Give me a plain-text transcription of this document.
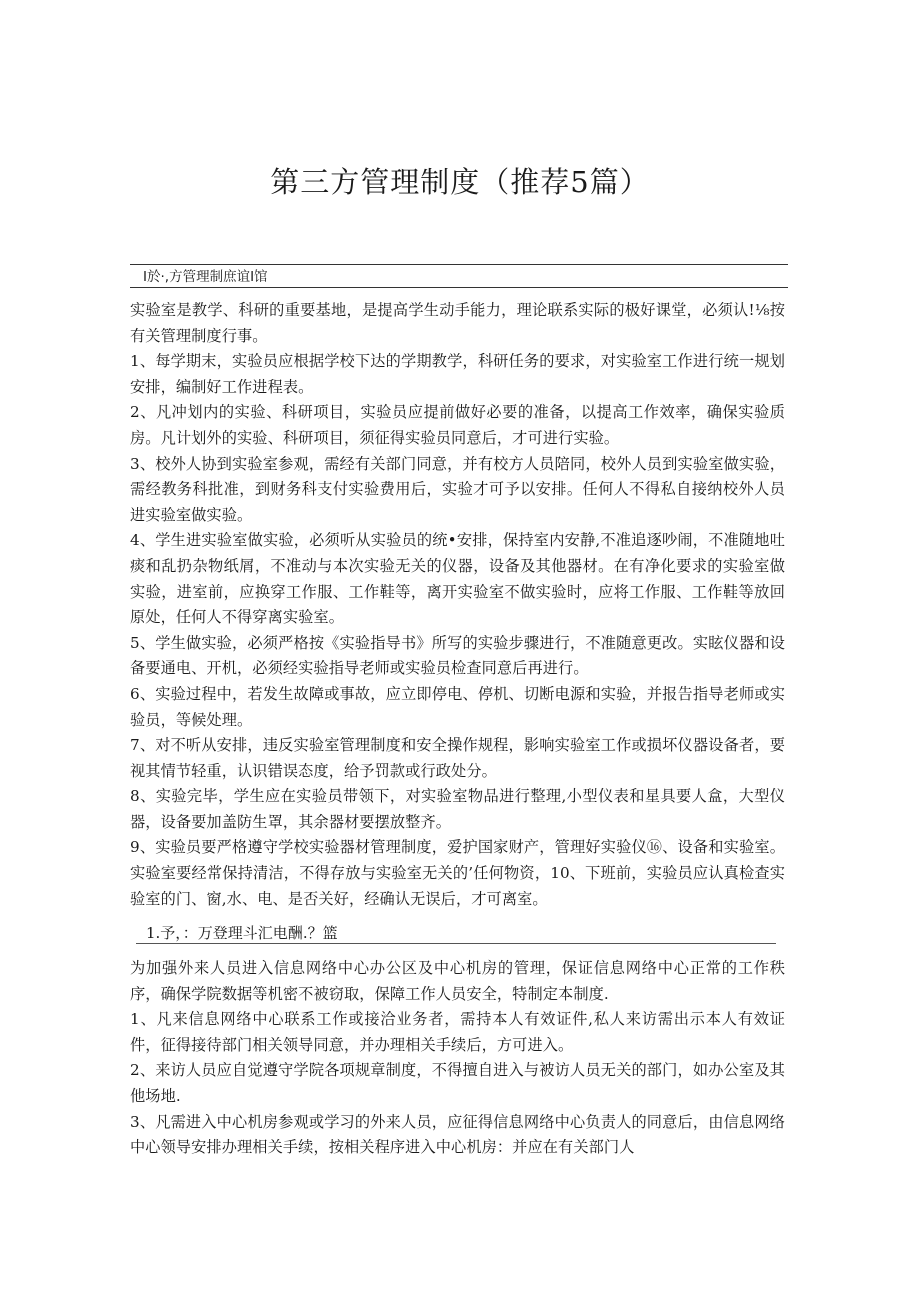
第三方管理制度（推荐5篇）
I於·,方管理制庶谊I馆

实验室是教学、科研的重要基地，是提高学生动手能力，理论联系实际的极好课堂，必须认!⅛按有关管理制度行事。

1、每学期末，实验员应根据学校下达的学期教学，科研任务的要求，对实验室工作进行统一规划安排，编制好工作进程表。

2、凡冲划内的实验、科研项目，实验员应提前做好必要的准备，以提高工作效率，确保实验质房。凡计划外的实验、科研项目，须征得实验员同意后，才可进行实验。

3、校外人协到实验室参观，需经有关部门同意，并有校方人员陪同，校外人员到实验室做实验，需经教务科批准，到财务科支付实验费用后，实验才可予以安排。任何人不得私自接纳校外人员进实验室做实验。

4、学生进实验室做实验，必须听从实验员的统•安排，保持室内安静,不准追逐吵闹，不准随地吐痰和乱扔杂物纸屑，不准动与本次实验无关的仪器，设备及其他器材。在有净化要求的实验室做实验，进室前，应换穿工作服、工作鞋等，离开实验室不做实验时，应将工作服、工作鞋等放回原处，任何人不得穿离实验室。

5、学生做实验，必须严格按《实验指导书》所写的实验步骤进行，不准随意更改。实眩仪器和设备要通电、开机，必须经实验指导老师或实验员检查同意后再进行。

6、实验过程中，若发生故障或事故，应立即停电、停机、切断电源和实验，并报告指导老师或实验员，等候处理。

7、对不听从安排，违反实验室管理制度和安全操作规程，影响实验室工作或损坏仪器设备者，要视其情节轻重，认识错误态度，给予罚款或行政处分。

8、实验完毕，学生应在实验员带领下，对实验室物品进行整理,小型仪表和星具要人盒，大型仪器，设备要加盖防生罩，其余器材要摆放整齐。

9、实验员要严格遵守学校实验器材管理制度，爱护国家财产，管理好实验仪⑯、设备和实验室。实验室要经常保持清洁，不得存放与实验室无关的’任何物资，10、下班前，实验员应认真检查实验室的门、窗,水、电、是否关好，经确认无误后，才可离室。

1.予，：万登理斗汇电酬.？篮

为加强外来人员进入信息网络中心办公区及中心机房的管理，保证信息网络中心正常的工作秩序，确保学院数据等机密不被窃取，保障工作人员安全，特制定本制度.

1、凡来信息网络中心联系工作或接洽业务者，需持本人有效证件,私人来访需出示本人有效证件，征得接待部门相关领导同意，并办理相关手续后，方可进入。

2、来访人员应自觉遵守学院各项规章制度，不得擅自进入与被访人员无关的部门，如办公室及其他场地.

3、凡需进入中心机房参观或学习的外来人员，应征得信息网络中心负责人的同意后，由信息网络中心领导安排办理相关手续，按相关程序进入中心机房：并应在有关部门人
